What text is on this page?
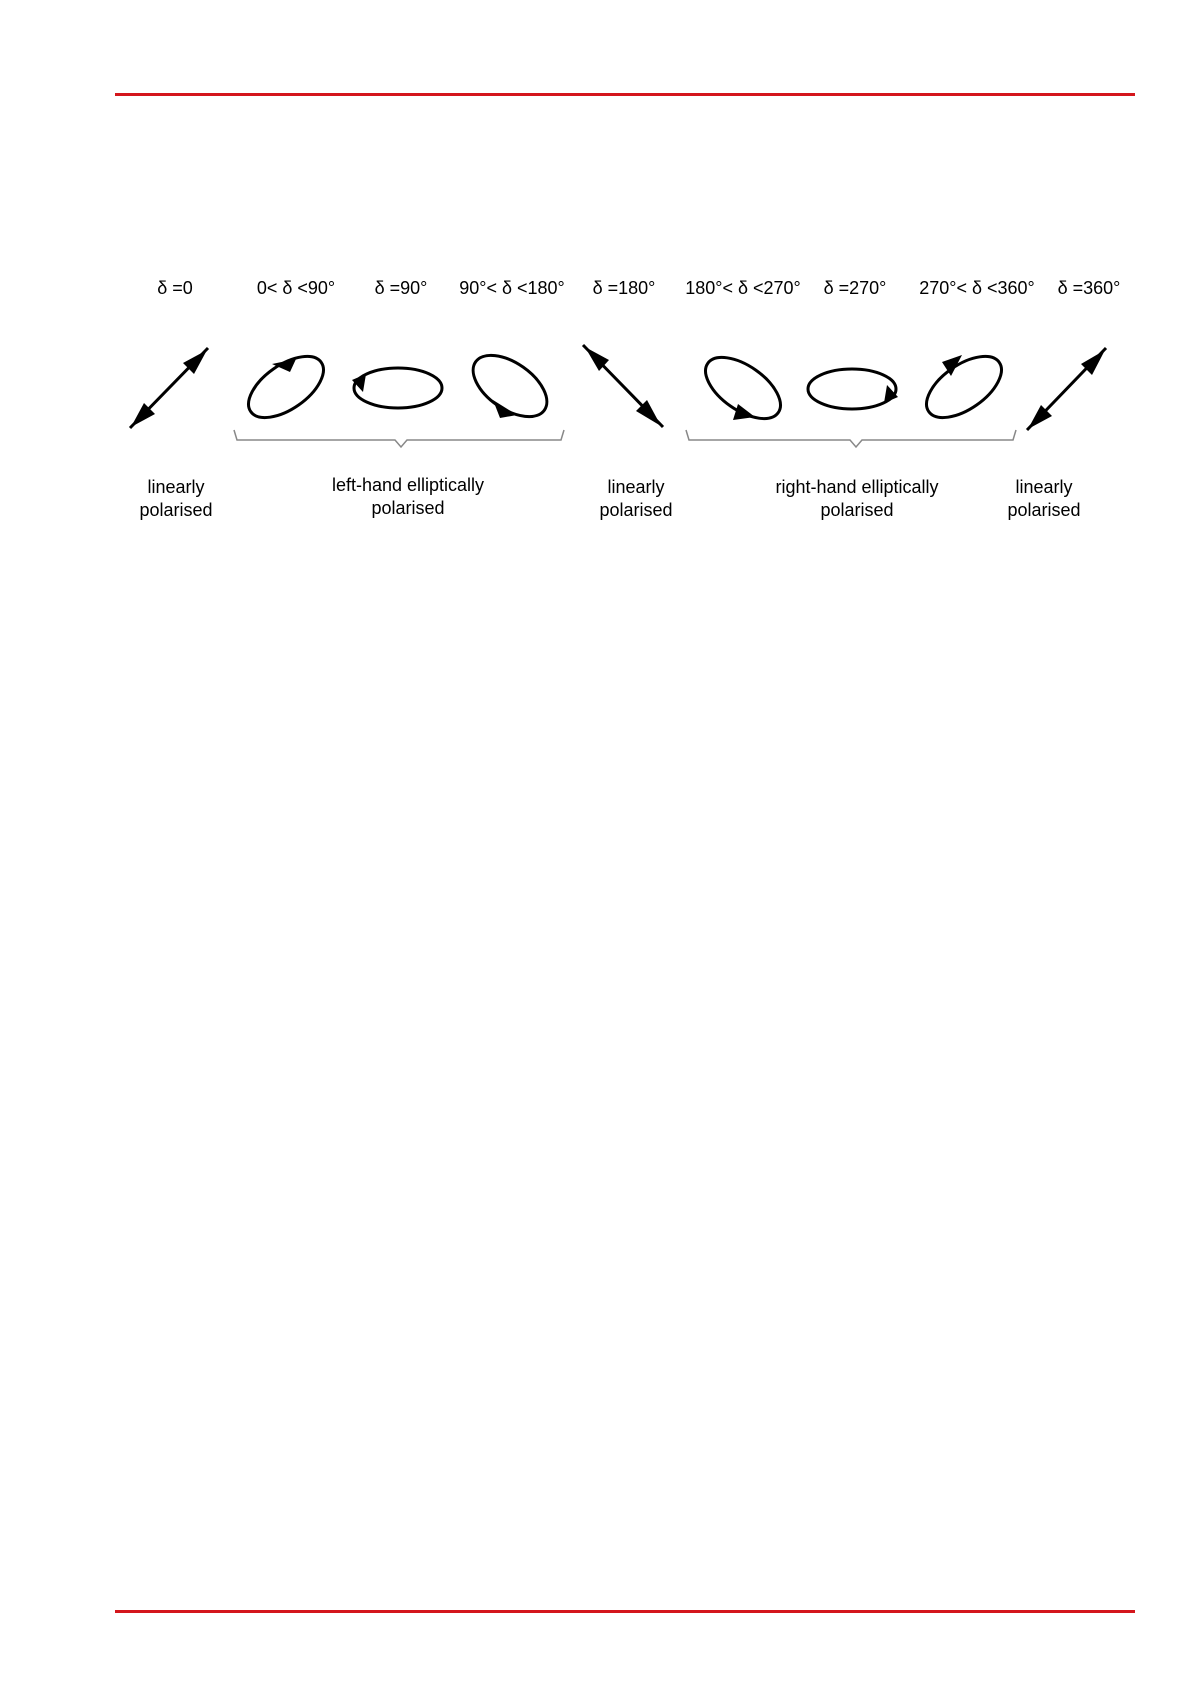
δ =0	0< δ <90° δ =90° 90°< δ <180° δ =180° 180°< δ <270° δ =270° 270°< δ <360° δ =360°
linearly
polarised
left-hand elliptically
polarised
linearly
polarised
right-hand elliptically
polarised
linearly
polarised
